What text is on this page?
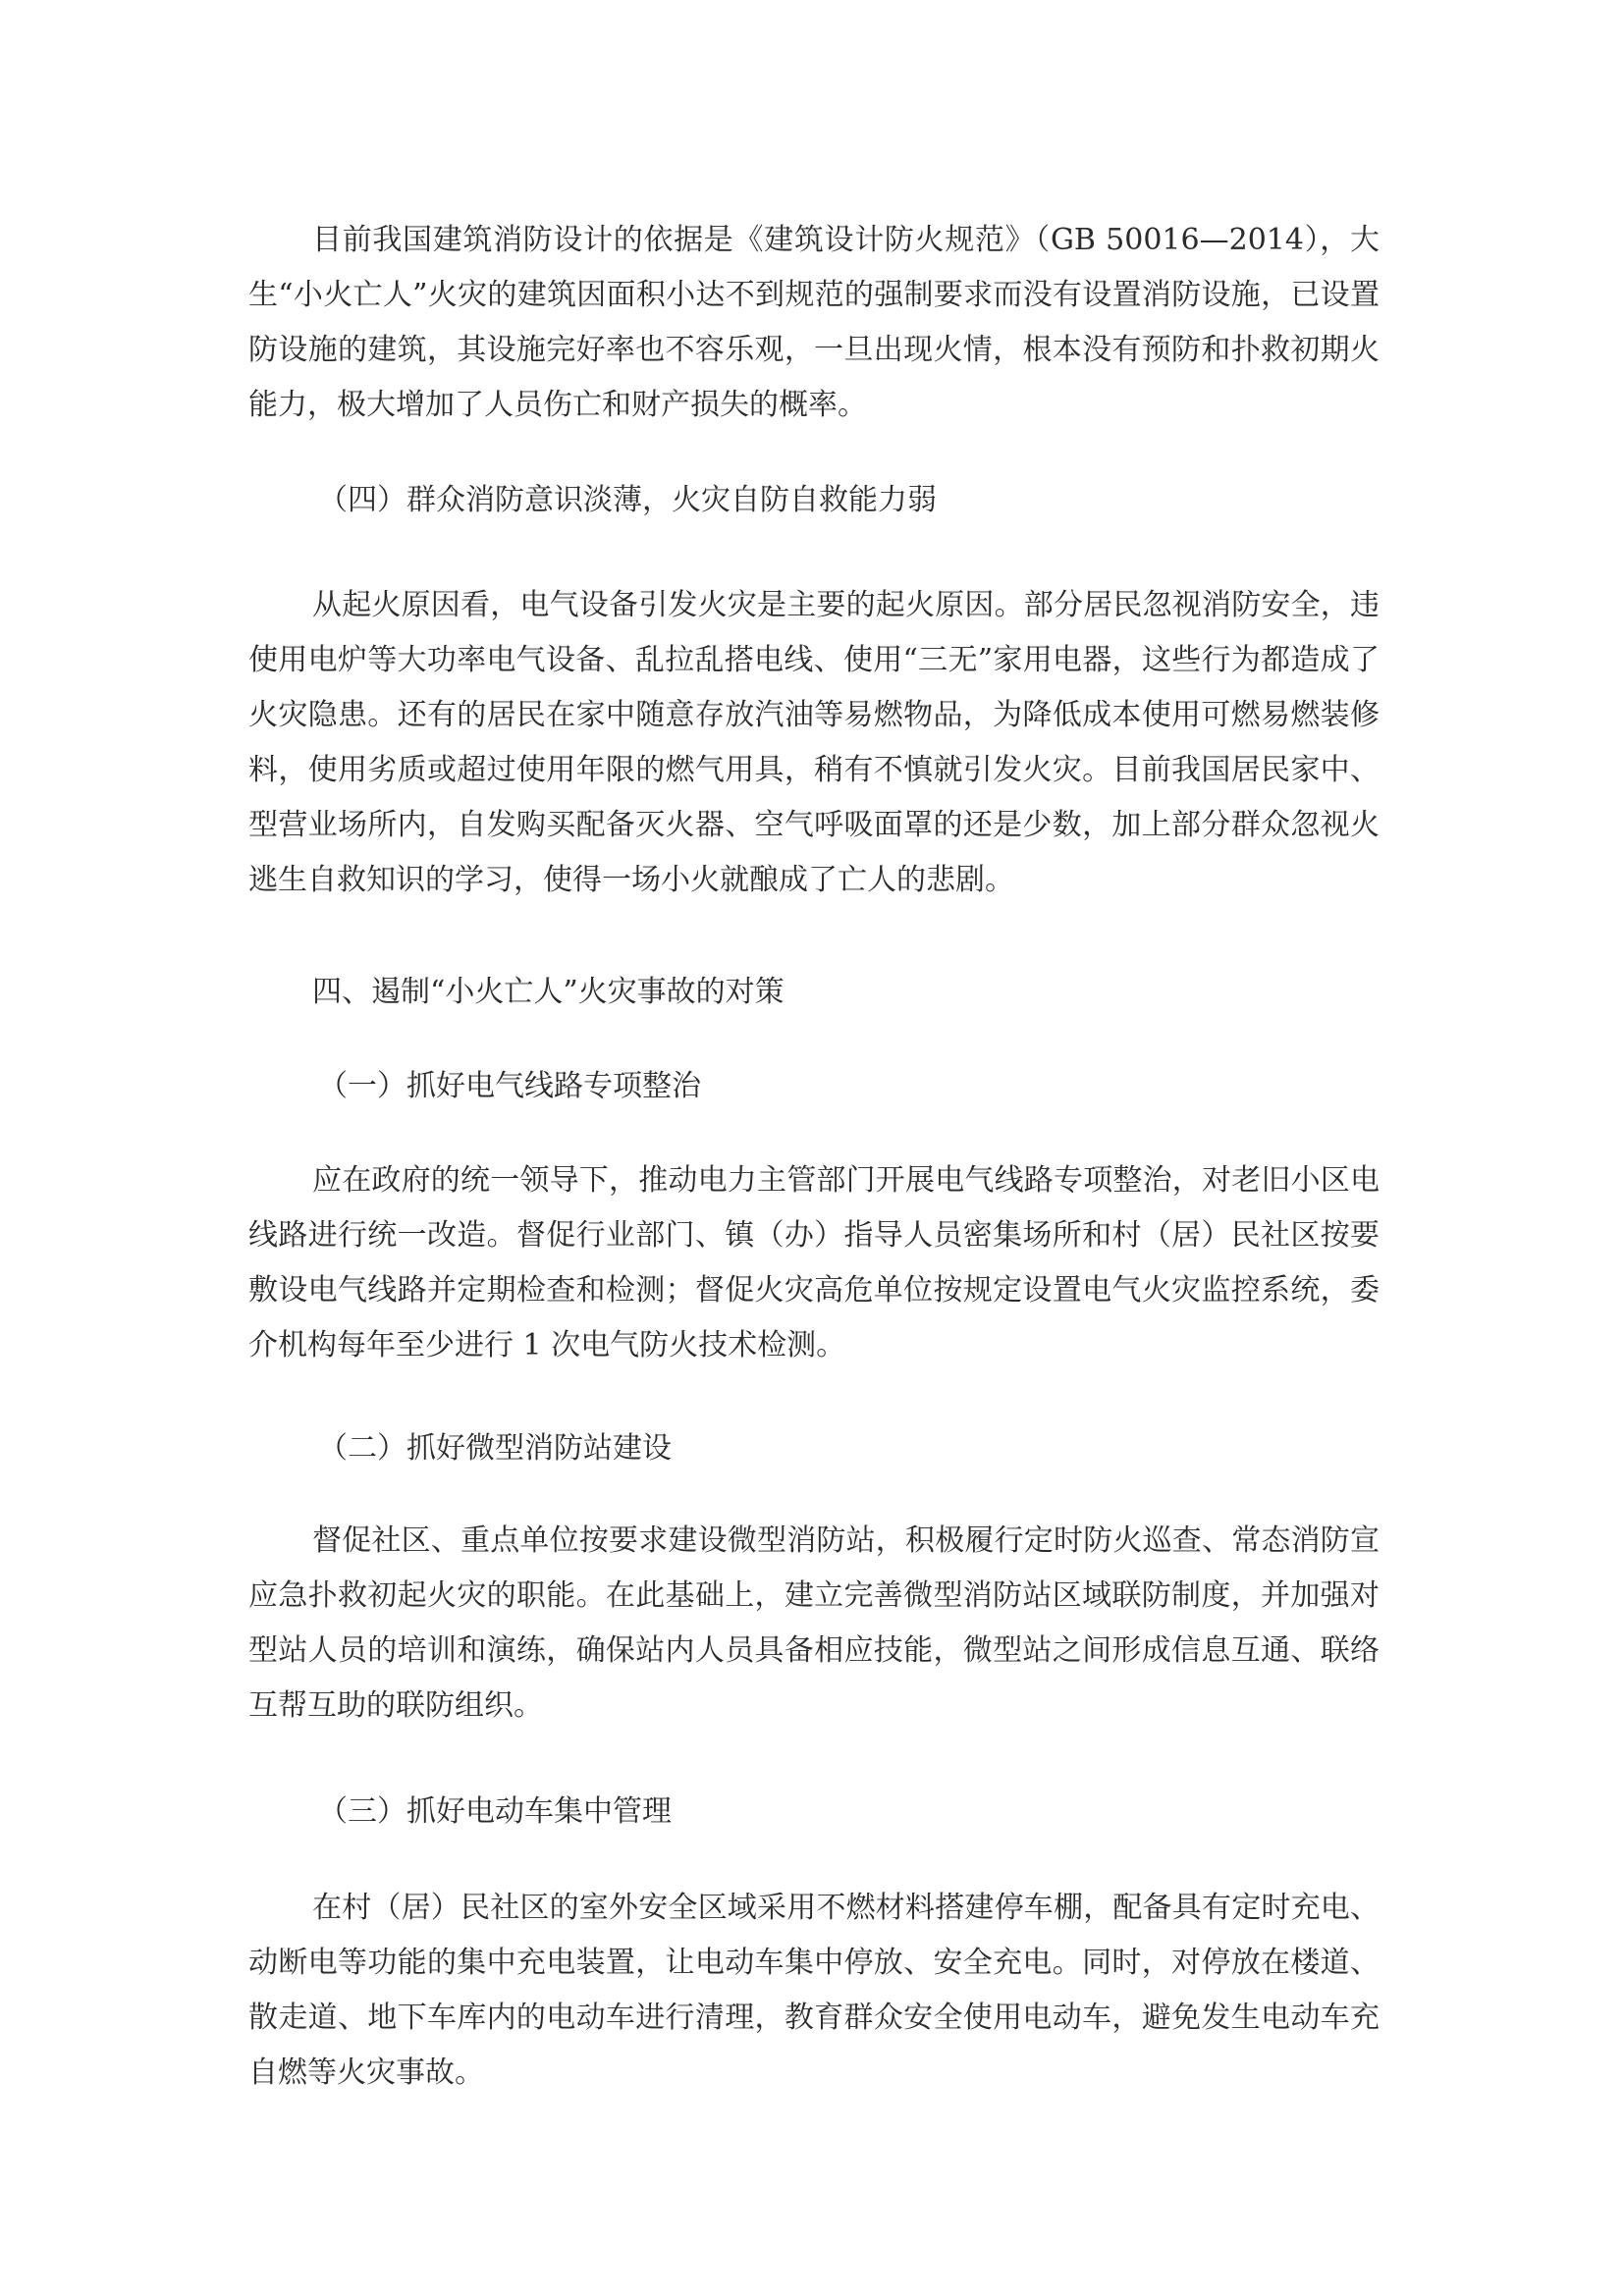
目前我国建筑消防设计的依据是《建筑设计防火规范》（GB 50016—2014），大
生“小火亡人”火灾的建筑因面积小达不到规范的强制要求而没有设置消防设施，已设置
防设施的建筑，其设施完好率也不容乐观，一旦出现火情，根本没有预防和扑救初期火
能力，极大增加了人员伤亡和财产损失的概率。
（四）群众消防意识淡薄，火灾自防自救能力弱
从起火原因看，电气设备引发火灾是主要的起火原因。部分居民忽视消防安全，违
使用电炉等大功率电气设备、乱拉乱搭电线、使用“三无”家用电器，这些行为都造成了
火灾隐患。还有的居民在家中随意存放汽油等易燃物品，为降低成本使用可燃易燃装修
料，使用劣质或超过使用年限的燃气用具，稍有不慎就引发火灾。目前我国居民家中、
型营业场所内，自发购买配备灭火器、空气呼吸面罩的还是少数，加上部分群众忽视火
逃生自救知识的学习，使得一场小火就酿成了亡人的悲剧。
四、遏制“小火亡人”火灾事故的对策
（一）抓好电气线路专项整治
应在政府的统一领导下，推动电力主管部门开展电气线路专项整治，对老旧小区电
线路进行统一改造。督促行业部门、镇（办）指导人员密集场所和村（居）民社区按要
敷设电气线路并定期检查和检测；督促火灾高危单位按规定设置电气火灾监控系统，委
介机构每年至少进行 1 次电气防火技术检测。
（二）抓好微型消防站建设
督促社区、重点单位按要求建设微型消防站，积极履行定时防火巡查、常态消防宣
应急扑救初起火灾的职能。在此基础上，建立完善微型消防站区域联防制度，并加强对
型站人员的培训和演练，确保站内人员具备相应技能，微型站之间形成信息互通、联络
互帮互助的联防组织。
（三）抓好电动车集中管理
在村（居）民社区的室外安全区域采用不燃材料搭建停车棚，配备具有定时充电、
动断电等功能的集中充电装置，让电动车集中停放、安全充电。同时，对停放在楼道、
散走道、地下车库内的电动车进行清理，教育群众安全使用电动车，避免发生电动车充
自燃等火灾事故。
